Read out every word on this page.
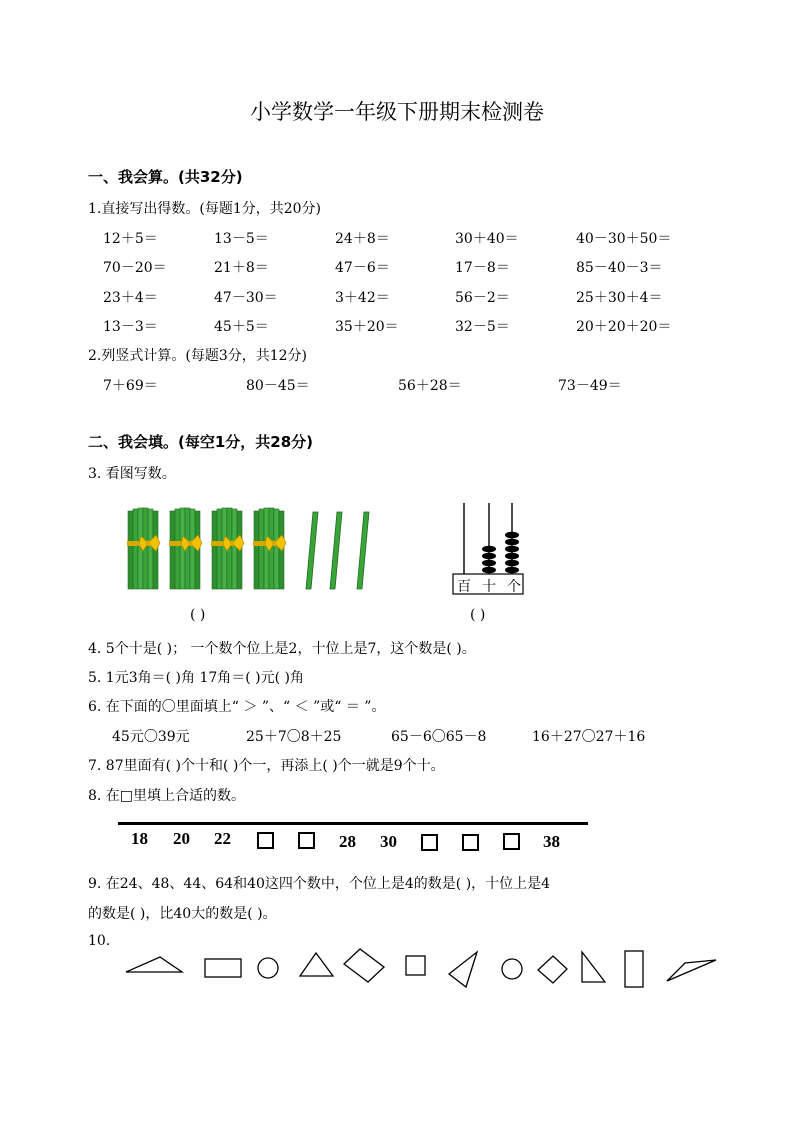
小学数学一年级下册期末检测卷
一、我会算。(共32分)
1.直接写出得数。(每题1分，共20分)
12＋5＝	13－5＝	24＋8＝	30＋40＝	40－30＋50＝
70－20＝	21＋8＝	47－6＝	17－8＝	85－40－3＝
23＋4＝	47－30＝	3＋42＝	56－2＝	25＋30＋4＝
13－3＝	45＋5＝	35＋20＝	32－5＝	20＋20＋20＝
2.列竖式计算。(每题3分，共12分)
7＋69＝	80－45＝	56＋28＝	73－49＝
二、我会填。(每空1分，共28分)
3. 看图写数。
百 十 个
( )	( )
4. 5个十是( )； 一个数个位上是2，十位上是7，这个数是( )。
5. 1元3角＝( )角 17角＝( )元( )角
6. 在下面的〇里面填上“ ＞ ”、“ ＜ ”或“ ＝ ”。
45元〇39元	25＋7〇8＋25	65－6〇65－8	16＋27〇27＋16
7. 87里面有( )个十和( )个一，再添上( )个一就是9个十。
8. 在□里填上合适的数。
18 20 22	28 30	38
9. 在24、48、44、64和40这四个数中，个位上是4的数是( )，十位上是4
的数是( )，比40大的数是( )。
10.
